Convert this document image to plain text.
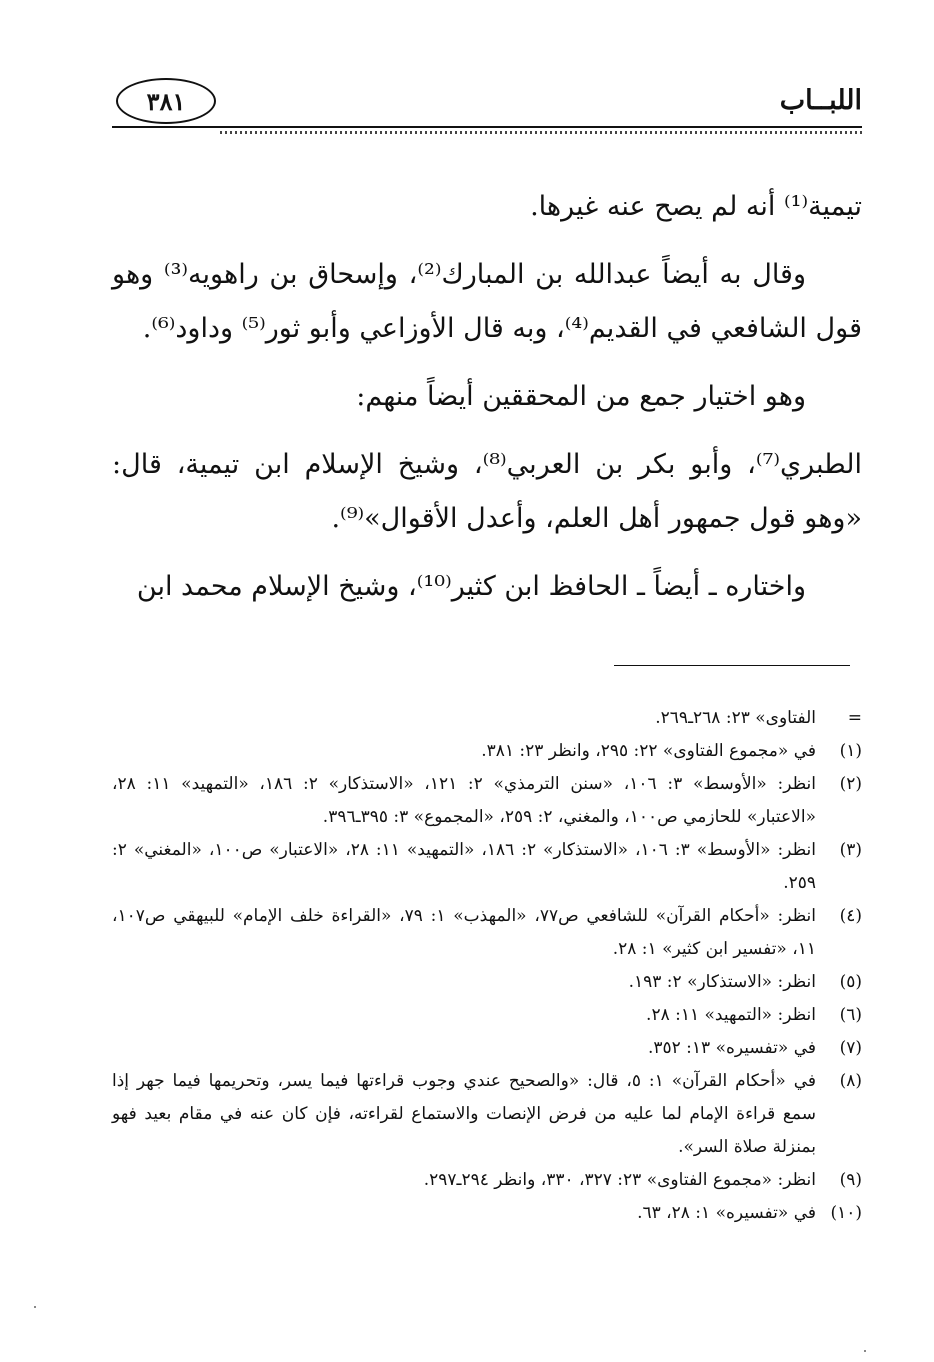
اللبــاب
٣٨١

تيمية⁽¹⁾ أنه لم يصح عنه غيرها.

وقال به أيضاً عبدالله بن المبارك⁽²⁾، وإسحاق بن راهويه⁽³⁾ وهو قول الشافعي في القديم⁽⁴⁾، وبه قال الأوزاعي وأبو ثور⁽⁵⁾ وداود⁽⁶⁾.

وهو اختيار جمع من المحققين أيضاً منهم:

الطبري⁽⁷⁾، وأبو بكر بن العربي⁽⁸⁾، وشيخ الإسلام ابن تيمية، قال: «وهو قول جمهور أهل العلم، وأعدل الأقوال»⁽⁹⁾.

واختاره ـ أيضاً ـ الحافظ ابن كثير⁽¹⁰⁾، وشيخ الإسلام محمد ابن

=
الفتاوى» ٢٣: ٢٦٨ـ٢٦٩.
(١)
في «مجموع الفتاوى» ٢٢: ٢٩٥، وانظر ٢٣: ٣٨١.
(٢)
انظر: «الأوسط» ٣: ١٠٦، «سنن الترمذي» ٢: ١٢١، «الاستذكار» ٢: ١٨٦، «التمهيد» ١١: ٢٨، «الاعتبار» للحازمي ص١٠٠، والمغني، ٢: ٢٥٩، «المجموع» ٣: ٣٩٥ـ٣٩٦.
(٣)
انظر: «الأوسط» ٣: ١٠٦، «الاستذكار» ٢: ١٨٦، «التمهيد» ١١: ٢٨، «الاعتبار» ص١٠٠، «المغني» ٢: ٢٥٩.
(٤)
انظر: «أحكام القرآن» للشافعي ص٧٧، «المهذب» ١: ٧٩، «القراءة خلف الإمام» للبيهقي ص١٠٧، ١١، «تفسير ابن كثير» ١: ٢٨.
(٥)
انظر: «الاستذكار» ٢: ١٩٣.
(٦)
انظر: «التمهيد» ١١: ٢٨.
(٧)
في «تفسيره» ١٣: ٣٥٢.
(٨)
في «أحكام القرآن» ١: ٥، قال: «والصحيح عندي وجوب قراءتها فيما يسر، وتحريمها فيما جهر إذا سمع قراءة الإمام لما عليه من فرض الإنصات والاستماع لقراءته، فإن كان عنه في مقام بعيد فهو بمنزلة صلاة السر».
(٩)
انظر: «مجموع الفتاوى» ٢٣: ٣٢٧، ٣٣٠، وانظر ٢٩٤ـ٢٩٧.
(١٠)
في «تفسيره» ١: ٢٨، ٦٣.
